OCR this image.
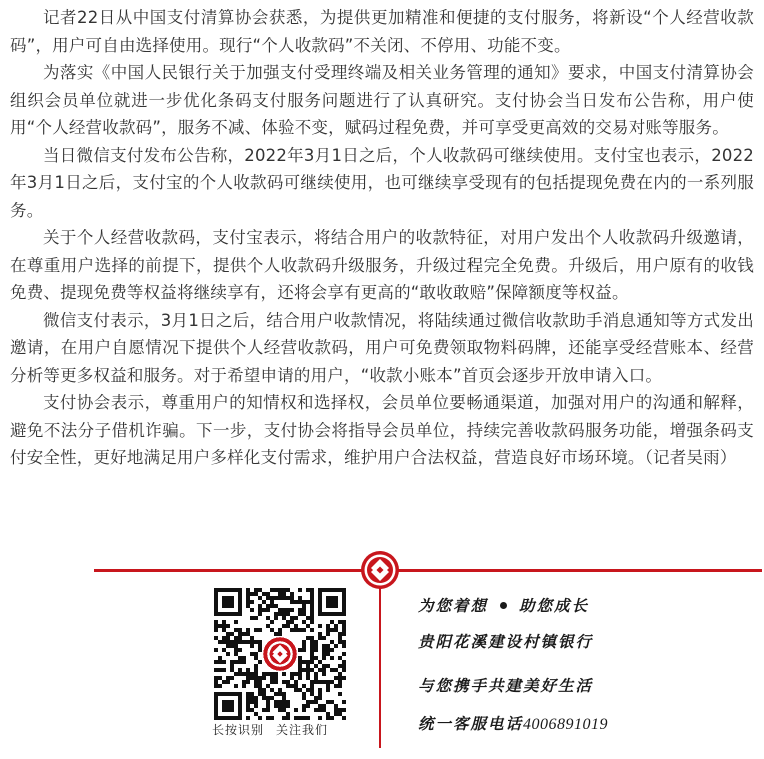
记者22日从中国支付清算协会获悉，为提供更加精准和便捷的支付服务，将新设“个人经营收款码”，用户可自由选择使用。现行“个人收款码”不关闭、不停用、功能不变。

为落实《中国人民银行关于加强支付受理终端及相关业务管理的通知》要求，中国支付清算协会组织会员单位就进一步优化条码支付服务问题进行了认真研究。支付协会当日发布公告称，用户使用“个人经营收款码”，服务不减、体验不变，赋码过程免费，并可享受更高效的交易对账等服务。

当日微信支付发布公告称，2022年3月1日之后，个人收款码可继续使用。支付宝也表示，2022年3月1日之后，支付宝的个人收款码可继续使用，也可继续享受现有的包括提现免费在内的一系列服务。

关于个人经营收款码，支付宝表示，将结合用户的收款特征，对用户发出个人收款码升级邀请，在尊重用户选择的前提下，提供个人收款码升级服务，升级过程完全免费。升级后，用户原有的收钱免费、提现免费等权益将继续享有，还将会享有更高的“敢收敢赔”保障额度等权益。

微信支付表示，3月1日之后，结合用户收款情况，将陆续通过微信收款助手消息通知等方式发出邀请，在用户自愿情况下提供个人经营收款码，用户可免费领取物料码牌，还能享受经营账本、经营分析等更多权益和服务。对于希望申请的用户，“收款小账本”首页会逐步开放申请入口。

支付协会表示，尊重用户的知情权和选择权，会员单位要畅通渠道，加强对用户的沟通和解释，避免不法分子借机诈骗。下一步，支付协会将指导会员单位，持续完善收款码服务功能，增强条码支付安全性，更好地满足用户多样化支付需求，维护用户合法权益，营造良好市场环境。（记者吴雨）

长按识别 关注我们
为您着想 助您成长
贵阳花溪建设村镇银行
与您携手共建美好生活
统一客服电话4006891019
